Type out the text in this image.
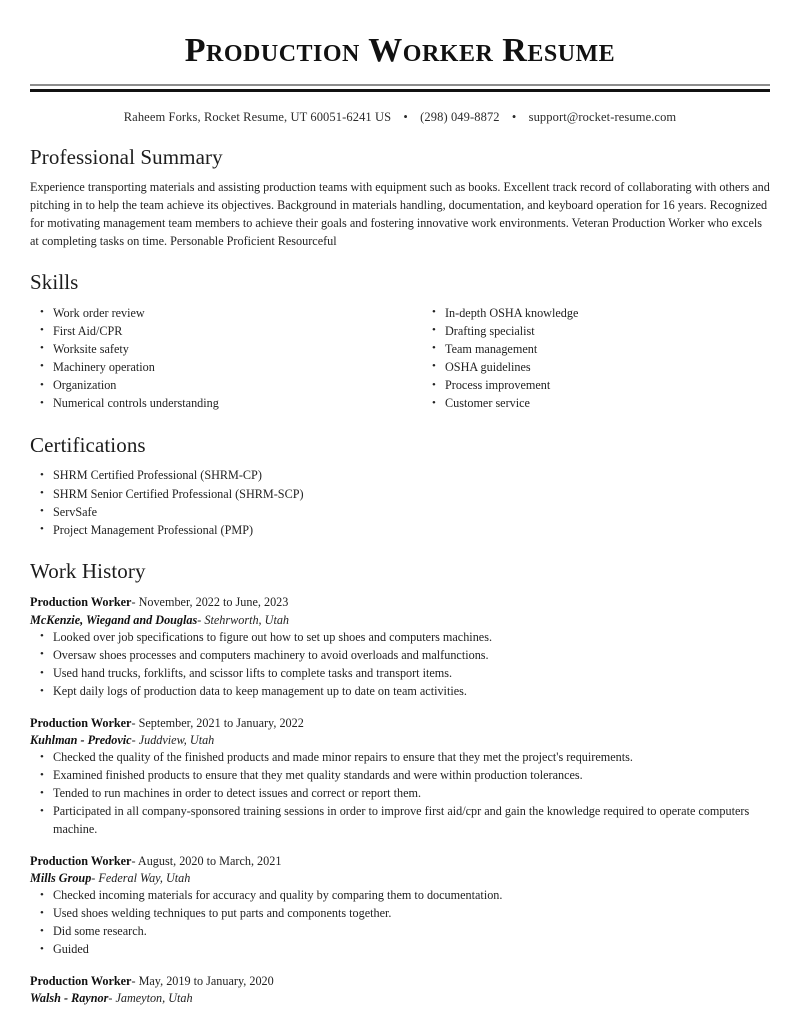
Production Worker Resume
Raheem Forks, Rocket Resume, UT 60051-6241 US • (298) 049-8872 • support@rocket-resume.com
Professional Summary

Experience transporting materials and assisting production teams with equipment such as books. Excellent track record of collaborating with others and pitching in to help the team achieve its objectives. Background in materials handling, documentation, and keyboard operation for 16 years. Recognized for motivating management team members to achieve their goals and fostering innovative work environments. Veteran Production Worker who excels at completing tasks on time. Personable Proficient Resourceful

Skills
• Work order review
• First Aid/CPR
• Worksite safety
• Machinery operation
• Organization
• Numerical controls understanding
• In-depth OSHA knowledge
• Drafting specialist
• Team management
• OSHA guidelines
• Process improvement
• Customer service
Certifications
• SHRM Certified Professional (SHRM-CP)
• SHRM Senior Certified Professional (SHRM-SCP)
• ServSafe
• Project Management Professional (PMP)
Work History
Production Worker- November, 2022 to June, 2023
McKenzie, Wiegand and Douglas- Stehrworth, Utah
• Looked over job specifications to figure out how to set up shoes and computers machines.
• Oversaw shoes processes and computers machinery to avoid overloads and malfunctions.
• Used hand trucks, forklifts, and scissor lifts to complete tasks and transport items.
• Kept daily logs of production data to keep management up to date on team activities.
Production Worker- September, 2021 to January, 2022
Kuhlman - Predovic- Juddview, Utah
• Checked the quality of the finished products and made minor repairs to ensure that they met the project's requirements.
• Examined finished products to ensure that they met quality standards and were within production tolerances.
• Tended to run machines in order to detect issues and correct or report them.
• Participated in all company-sponsored training sessions in order to improve first aid/cpr and gain the knowledge required to operate computers machine.
Production Worker- August, 2020 to March, 2021
Mills Group- Federal Way, Utah
• Checked incoming materials for accuracy and quality by comparing them to documentation.
• Used shoes welding techniques to put parts and components together.
• Did some research.
• Guided
Production Worker- May, 2019 to January, 2020
Walsh - Raynor- Jameyton, Utah
